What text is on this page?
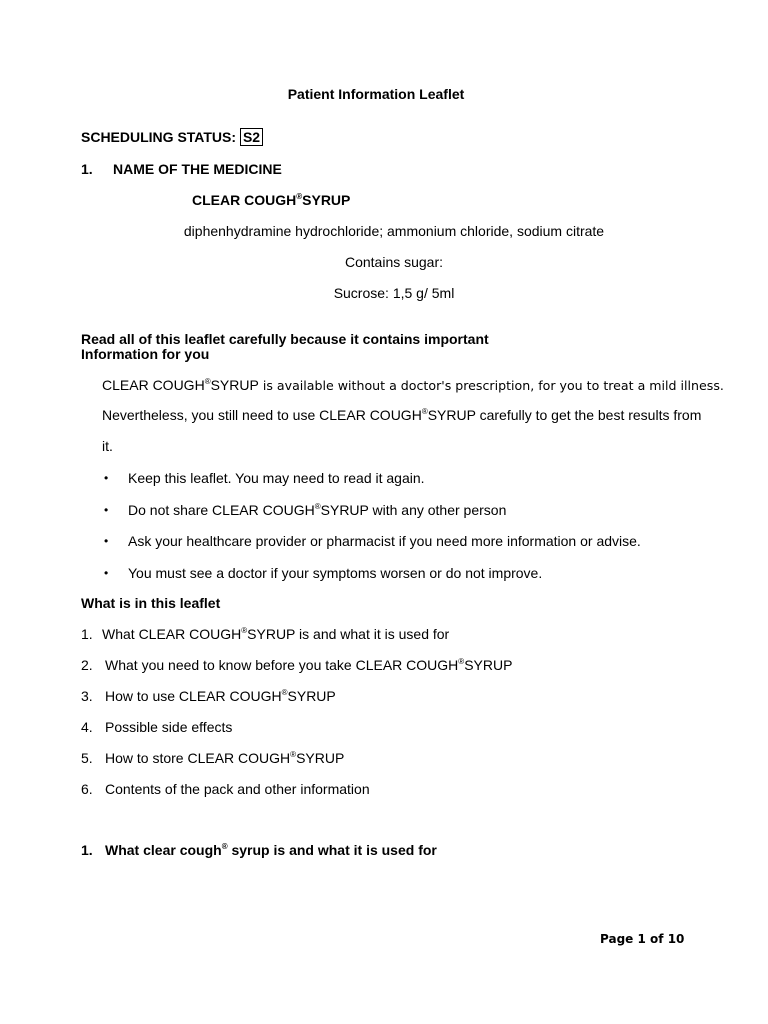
Patient Information Leaflet
SCHEDULING STATUS: S2
1. NAME OF THE MEDICINE
CLEAR COUGH®SYRUP
diphenhydramine hydrochloride; ammonium chloride, sodium citrate
Contains sugar:
Sucrose: 1,5 g/ 5ml
Read all of this leaflet carefully because it contains important
Information for you
CLEAR COUGH®SYRUP is available without a doctor's prescription, for you to treat a mild illness.
Nevertheless, you still need to use CLEAR COUGH®SYRUP carefully to get the best results from
it.
• Keep this leaflet. You may need to read it again.
• Do not share CLEAR COUGH®SYRUP with any other person
• Ask your healthcare provider or pharmacist if you need more information or advise.
• You must see a doctor if your symptoms worsen or do not improve.
What is in this leaflet
1. What CLEAR COUGH®SYRUP is and what it is used for
2. What you need to know before you take CLEAR COUGH®SYRUP
3. How to use CLEAR COUGH®SYRUP
4. Possible side effects
5. How to store CLEAR COUGH®SYRUP
6. Contents of the pack and other information
1. What clear cough® syrup is and what it is used for
Page 1 of 10
